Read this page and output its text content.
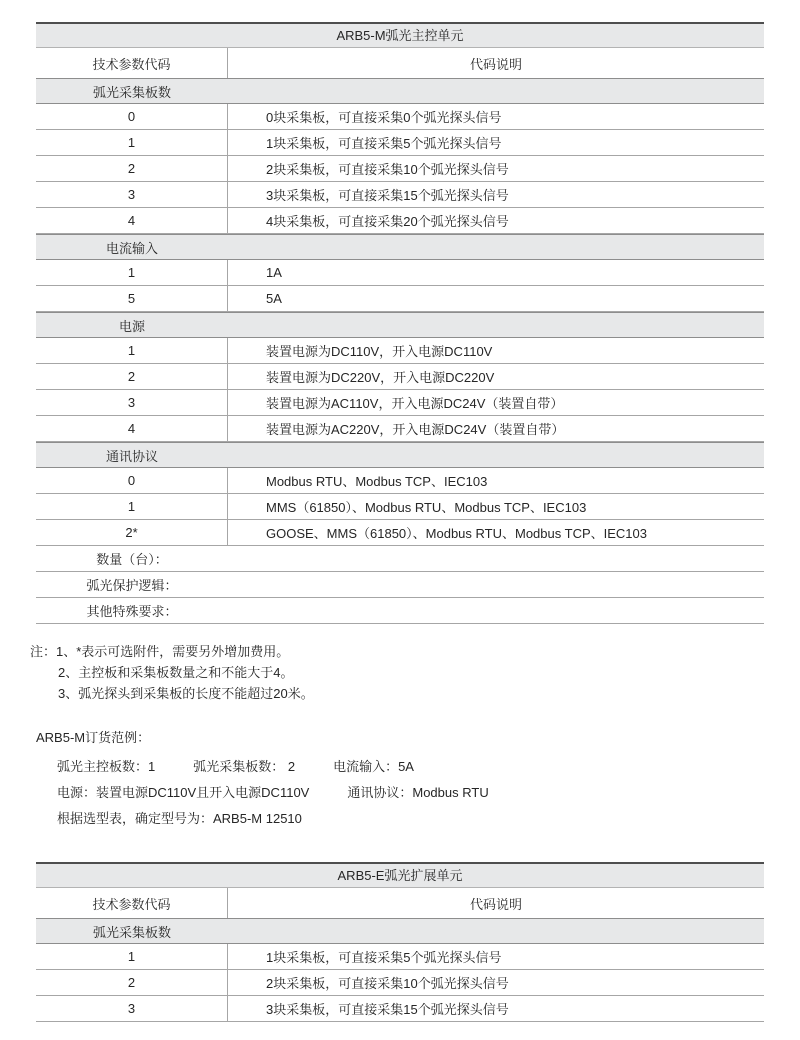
ARB5-M弧光主控单元
技术参数代码	代码说明
弧光采集板数
0	0块采集板，可直接采集0个弧光探头信号
1	1块采集板，可直接采集5个弧光探头信号
2	2块采集板，可直接采集10个弧光探头信号
3	3块采集板，可直接采集15个弧光探头信号
4	4块采集板，可直接采集20个弧光探头信号
电流输入
1	1A
5	5A
电源
1	装置电源为DC110V，开入电源DC110V
2	装置电源为DC220V，开入电源DC220V
3	装置电源为AC110V，开入电源DC24V（装置自带）
4	装置电源为AC220V，开入电源DC24V（装置自带）
通讯协议
0	Modbus RTU、Modbus TCP、IEC103
1	MMS（61850）、Modbus RTU、Modbus TCP、IEC103
2*	GOOSE、MMS（61850）、Modbus RTU、Modbus TCP、IEC103
数量（台）：
弧光保护逻辑：
其他特殊要求：
注：1、*表示可选附件，需要另外增加费用。
2、主控板和采集板数量之和不能大于4。
3、弧光探头到采集板的长度不能超过20米。
ARB5-M订货范例：
弧光主控板数：1	弧光采集板数： 2	电流输入：5A
电源：装置电源DC110V且开入电源DC110V	通讯协议：Modbus RTU
根据选型表，确定型号为：ARB5-M 12510
ARB5-E弧光扩展单元
技术参数代码	代码说明
弧光采集板数
1	1块采集板，可直接采集5个弧光探头信号
2	2块采集板，可直接采集10个弧光探头信号
3	3块采集板，可直接采集15个弧光探头信号
